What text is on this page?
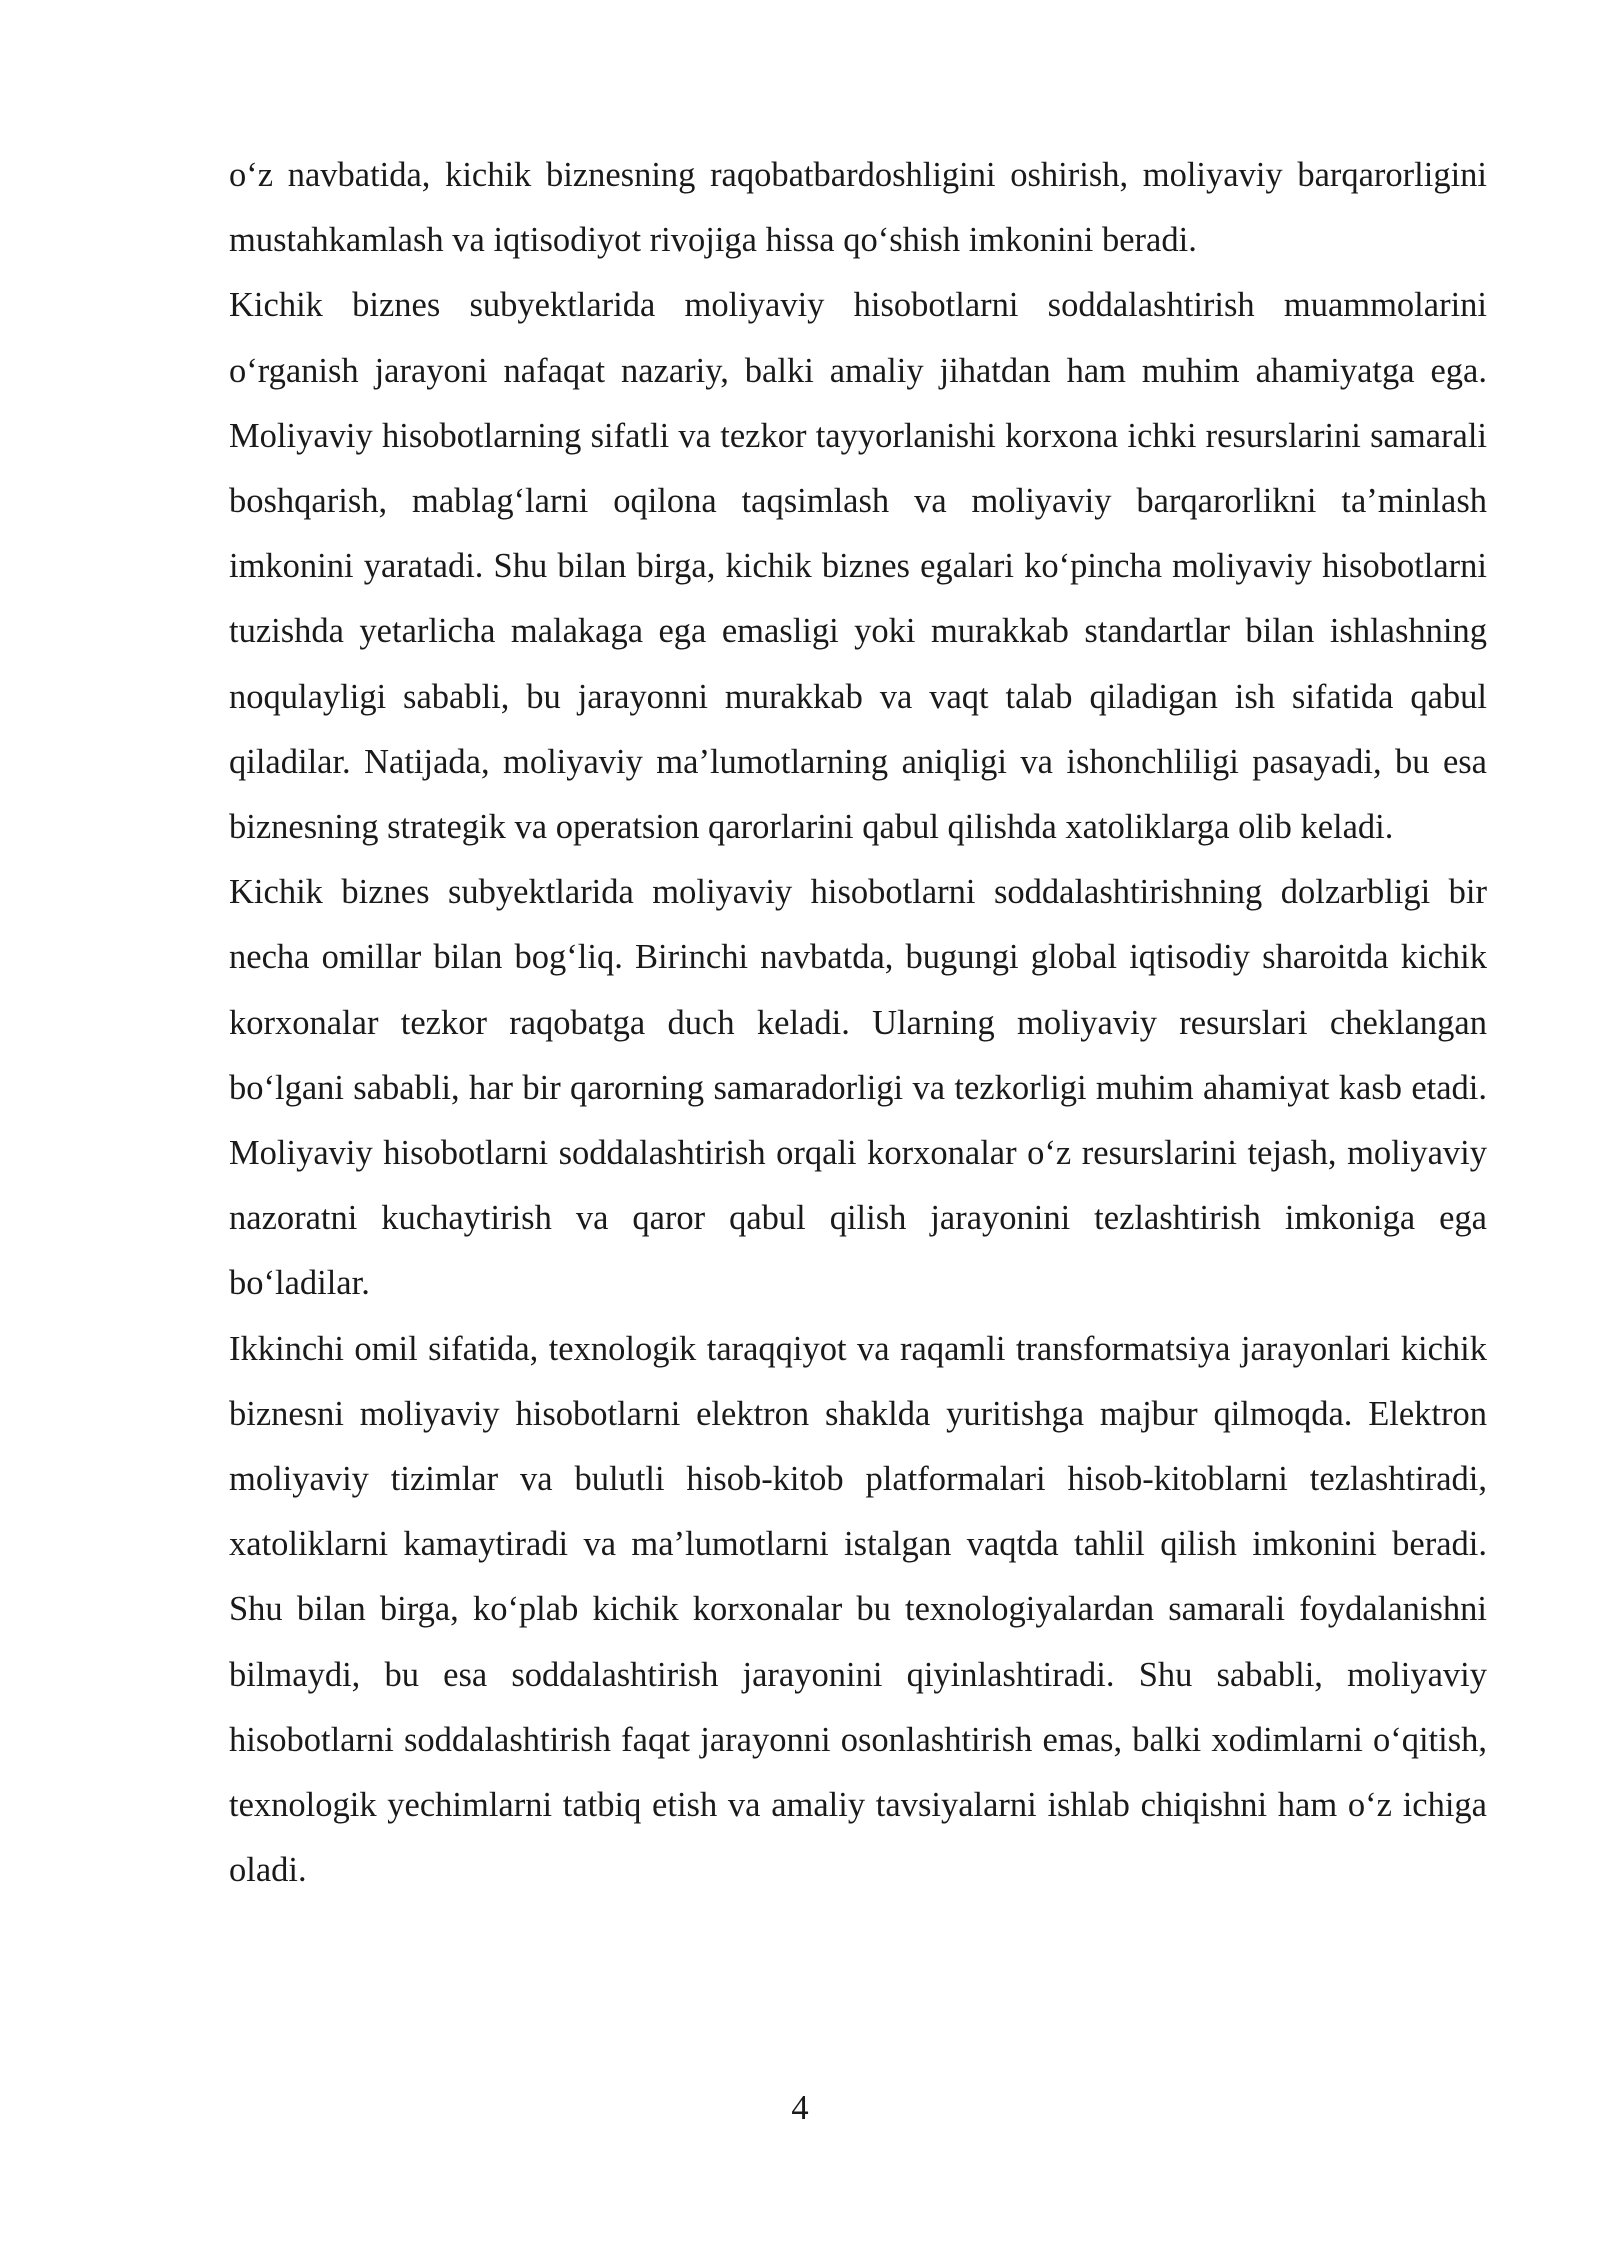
o‘z navbatida, kichik biznesning raqobatbardoshligini oshirish, moliyaviy barqarorligini mustahkamlash va iqtisodiyot rivojiga hissa qo‘shish imkonini beradi.

Kichik biznes subyektlarida moliyaviy hisobotlarni soddalashtirish muammolarini o‘rganish jarayoni nafaqat nazariy, balki amaliy jihatdan ham muhim ahamiyatga ega. Moliyaviy hisobotlarning sifatli va tezkor tayyorlanishi korxona ichki resurslarini samarali boshqarish, mablag‘larni oqilona taqsimlash va moliyaviy barqarorlikni ta’minlash imkonini yaratadi. Shu bilan birga, kichik biznes egalari ko‘pincha moliyaviy hisobotlarni tuzishda yetarlicha malakaga ega emasligi yoki murakkab standartlar bilan ishlashning noqulayligi sababli, bu jarayonni murakkab va vaqt talab qiladigan ish sifatida qabul qiladilar. Natijada, moliyaviy ma’lumotlarning aniqligi va ishonchliligi pasayadi, bu esa biznesning strategik va operatsion qarorlarini qabul qilishda xatoliklarga olib keladi.

Kichik biznes subyektlarida moliyaviy hisobotlarni soddalashtirishning dolzarbligi bir necha omillar bilan bog‘liq. Birinchi navbatda, bugungi global iqtisodiy sharoitda kichik korxonalar tezkor raqobatga duch keladi. Ularning moliyaviy resurslari cheklangan bo‘lgani sababli, har bir qarorning samaradorligi va tezkorligi muhim ahamiyat kasb etadi. Moliyaviy hisobotlarni soddalashtirish orqali korxonalar o‘z resurslarini tejash, moliyaviy nazoratni kuchaytirish va qaror qabul qilish jarayonini tezlashtirish imkoniga ega bo‘ladilar.

Ikkinchi omil sifatida, texnologik taraqqiyot va raqamli transformatsiya jarayonlari kichik biznesni moliyaviy hisobotlarni elektron shaklda yuritishga majbur qilmoqda. Elektron moliyaviy tizimlar va bulutli hisob-kitob platformalari hisob-kitoblarni tezlashtiradi, xatoliklarni kamaytiradi va ma’lumotlarni istalgan vaqtda tahlil qilish imkonini beradi. Shu bilan birga, ko‘plab kichik korxonalar bu texnologiyalardan samarali foydalanishni bilmaydi, bu esa soddalashtirish jarayonini qiyinlashtiradi. Shu sababli, moliyaviy hisobotlarni soddalashtirish faqat jarayonni osonlashtirish emas, balki xodimlarni o‘qitish, texnologik yechimlarni tatbiq etish va amaliy tavsiyalarni ishlab chiqishni ham o‘z ichiga oladi.

4
